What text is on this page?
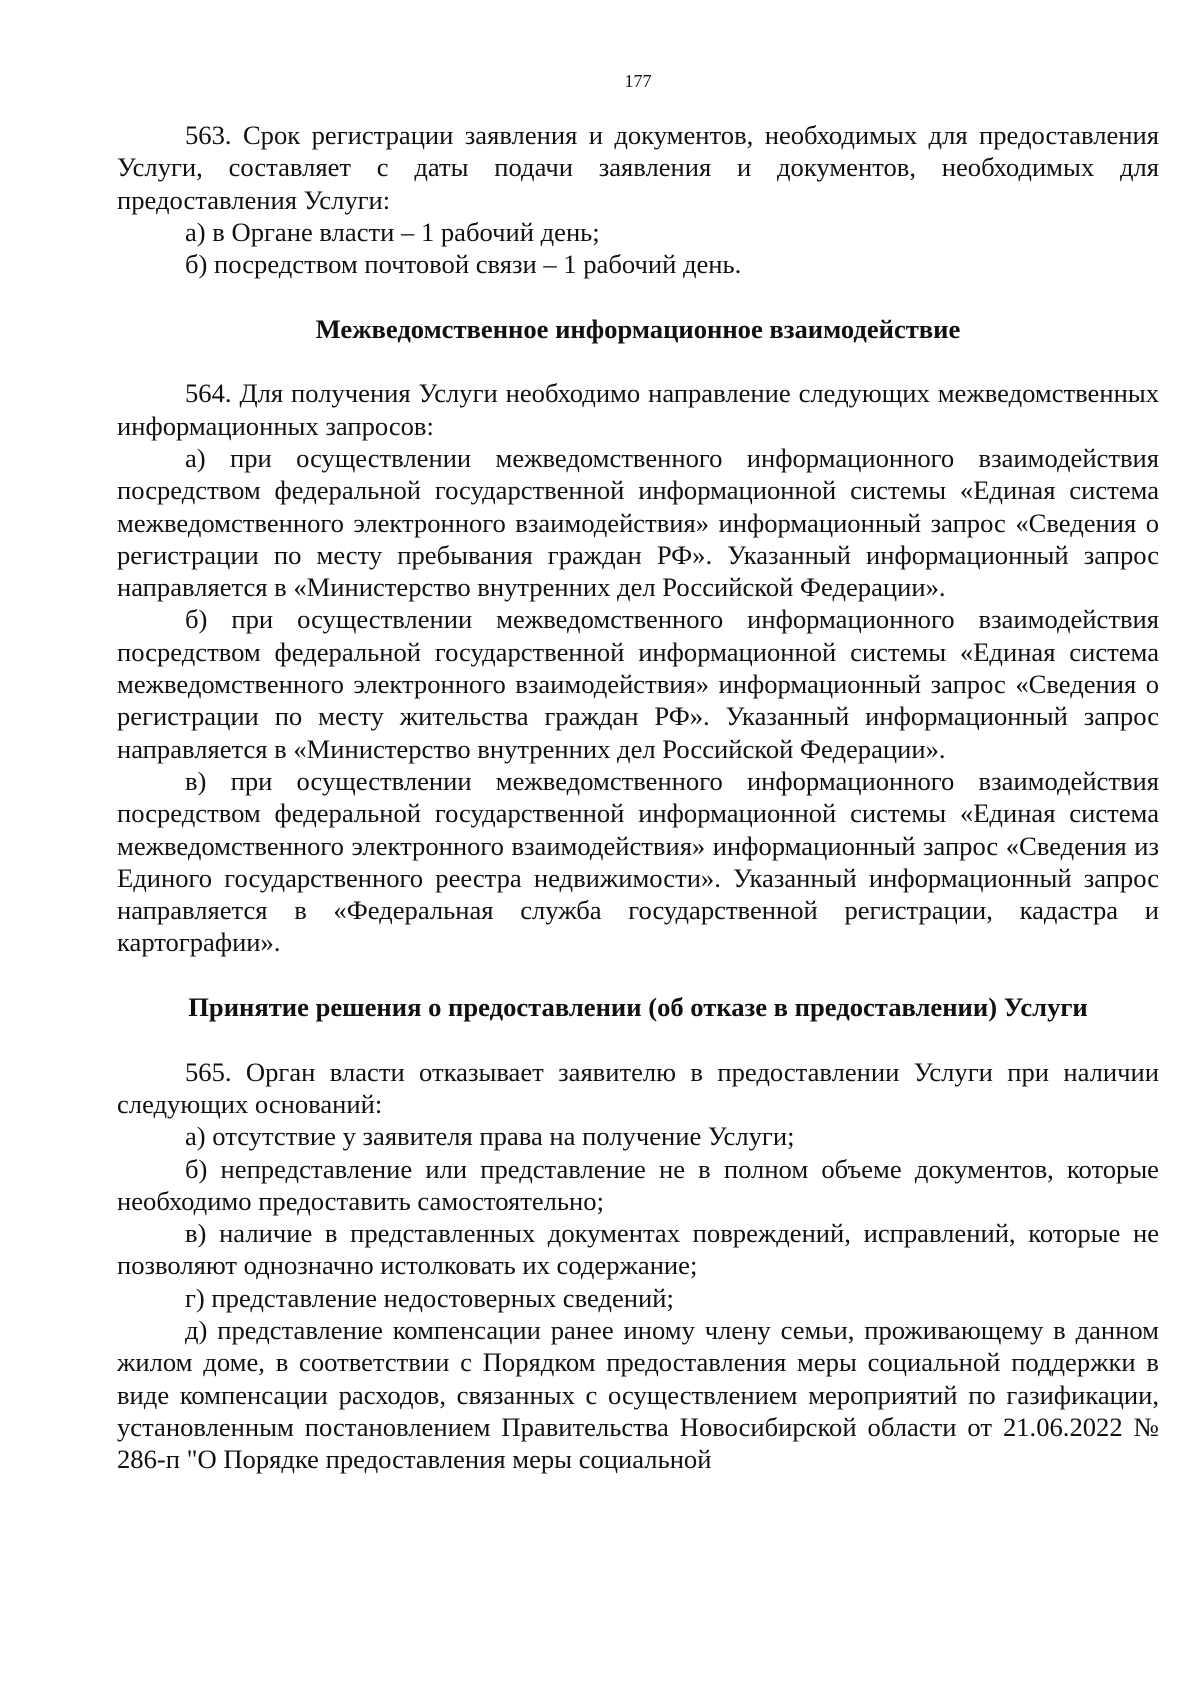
177

563. Срок регистрации заявления и документов, необходимых для предоставления Услуги, составляет с даты подачи заявления и документов, необходимых для предоставления Услуги:

а) в Органе власти – 1 рабочий день;

б) посредством почтовой связи – 1 рабочий день.

Межведомственное информационное взаимодействие

564. Для получения Услуги необходимо направление следующих межведомственных информационных запросов:

а) при осуществлении межведомственного информационного взаимодействия посредством федеральной государственной информационной системы «Единая система межведомственного электронного взаимодействия» информационный запрос «Сведения о регистрации по месту пребывания граждан РФ». Указанный информационный запрос направляется в «Министерство внутренних дел Российской Федерации».

б) при осуществлении межведомственного информационного взаимодействия посредством федеральной государственной информационной системы «Единая система межведомственного электронного взаимодействия» информационный запрос «Сведения о регистрации по месту жительства граждан РФ». Указанный информационный запрос направляется в «Министерство внутренних дел Российской Федерации».

в) при осуществлении межведомственного информационного взаимодействия посредством федеральной государственной информационной системы «Единая система межведомственного электронного взаимодействия» информационный запрос «Сведения из Единого государственного реестра недвижимости». Указанный информационный запрос направляется в «Федеральная служба государственной регистрации, кадастра и картографии».

Принятие решения о предоставлении (об отказе в предоставлении) Услуги

565. Орган власти отказывает заявителю в предоставлении Услуги при наличии следующих оснований:

а) отсутствие у заявителя права на получение Услуги;

б) непредставление или представление не в полном объеме документов, которые необходимо предоставить самостоятельно;

в) наличие в представленных документах повреждений, исправлений, которые не позволяют однозначно истолковать их содержание;

г) представление недостоверных сведений;

д) представление компенсации ранее иному члену семьи, проживающему в данном жилом доме, в соответствии с Порядком предоставления меры социальной поддержки в виде компенсации расходов, связанных с осуществлением мероприятий по газификации, установленным постановлением Правительства Новосибирской области от 21.06.2022 № 286-п "О Порядке предоставления меры социальной
